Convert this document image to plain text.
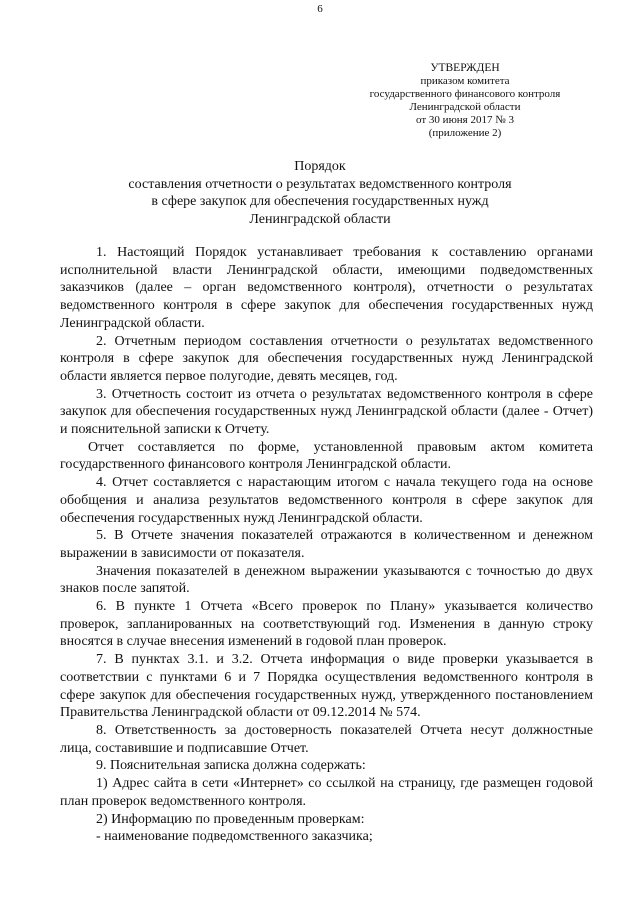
6
УТВЕРЖДЕН
приказом комитета
государственного финансового контроля
Ленинградской области
от 30 июня 2017 № 3
(приложение 2)
Порядок
составления отчетности о результатах ведомственного контроля
в сфере закупок для обеспечения государственных нужд
Ленинградской области

1. Настоящий Порядок устанавливает требования к составлению органами исполнительной власти Ленинградской области, имеющими подведомственных заказчиков (далее – орган ведомственного контроля), отчетности о результатах ведомственного контроля в сфере закупок для обеспечения государственных нужд Ленинградской области.

2. Отчетным периодом составления отчетности о результатах ведомственного контроля в сфере закупок для обеспечения государственных нужд Ленинградской области является первое полугодие, девять месяцев, год.

3. Отчетность состоит из отчета о результатах ведомственного контроля в сфере закупок для обеспечения государственных нужд Ленинградской области (далее - Отчет) и пояснительной записки к Отчету.

Отчет составляется по форме, установленной правовым актом комитета государственного финансового контроля Ленинградской области.

4. Отчет составляется с нарастающим итогом с начала текущего года на основе обобщения и анализа результатов ведомственного контроля в сфере закупок для обеспечения государственных нужд Ленинградской области.

5. В Отчете значения показателей отражаются в количественном и денежном выражении в зависимости от показателя.

Значения показателей в денежном выражении указываются с точностью до двух знаков после запятой.

6. В пункте 1 Отчета «Всего проверок по Плану» указывается количество проверок, запланированных на соответствующий год. Изменения в данную строку вносятся в случае внесения изменений в годовой план проверок.

7. В пунктах 3.1. и 3.2. Отчета информация о виде проверки указывается в соответствии с пунктами 6 и 7 Порядка осуществления ведомственного контроля в сфере закупок для обеспечения государственных нужд, утвержденного постановлением Правительства Ленинградской области от 09.12.2014 № 574.

8. Ответственность за достоверность показателей Отчета несут должностные лица, составившие и подписавшие Отчет.

9. Пояснительная записка должна содержать:

1) Адрес сайта в сети «Интернет» со ссылкой на страницу, где размещен годовой план проверок ведомственного контроля.

2) Информацию по проведенным проверкам:

- наименование подведомственного заказчика;
